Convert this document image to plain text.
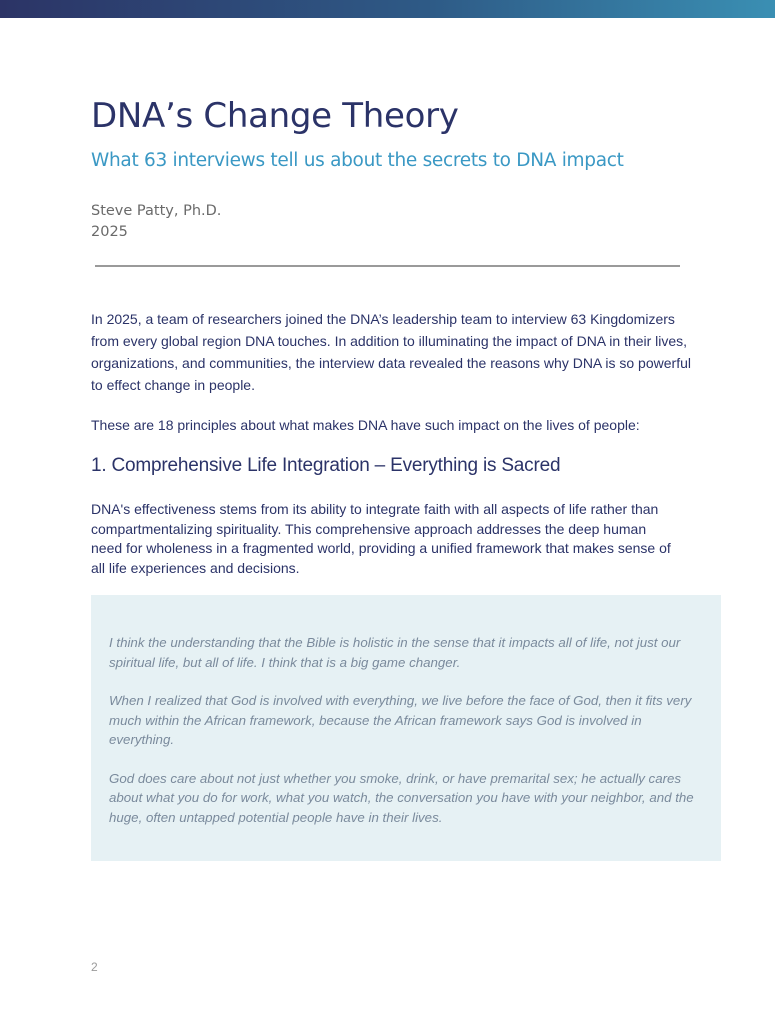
DNA’s Change Theory
What 63 interviews tell us about the secrets to DNA impact

Steve Patty, Ph.D.

2025

In 2025, a team of researchers joined the DNA’s leadership team to interview 63 Kingdomizers from every global region DNA touches. In addition to illuminating the impact of DNA in their lives, organizations, and communities, the interview data revealed the reasons why DNA is so powerful to effect change in people.

These are 18 principles about what makes DNA have such impact on the lives of people:

1. Comprehensive Life Integration – Everything is Sacred

DNA's effectiveness stems from its ability to integrate faith with all aspects of life rather than compartmentalizing spirituality. This comprehensive approach addresses the deep human need for wholeness in a fragmented world, providing a unified framework that makes sense of all life experiences and decisions.

I think the understanding that the Bible is holistic in the sense that it impacts all of life, not just our spiritual life, but all of life. I think that is a big game changer.

When I realized that God is involved with everything, we live before the face of God, then it fits very much within the African framework, because the African framework says God is involved in everything.

God does care about not just whether you smoke, drink, or have premarital sex; he actually cares about what you do for work, what you watch, the conversation you have with your neighbor, and the huge, often untapped potential people have in their lives.

2
